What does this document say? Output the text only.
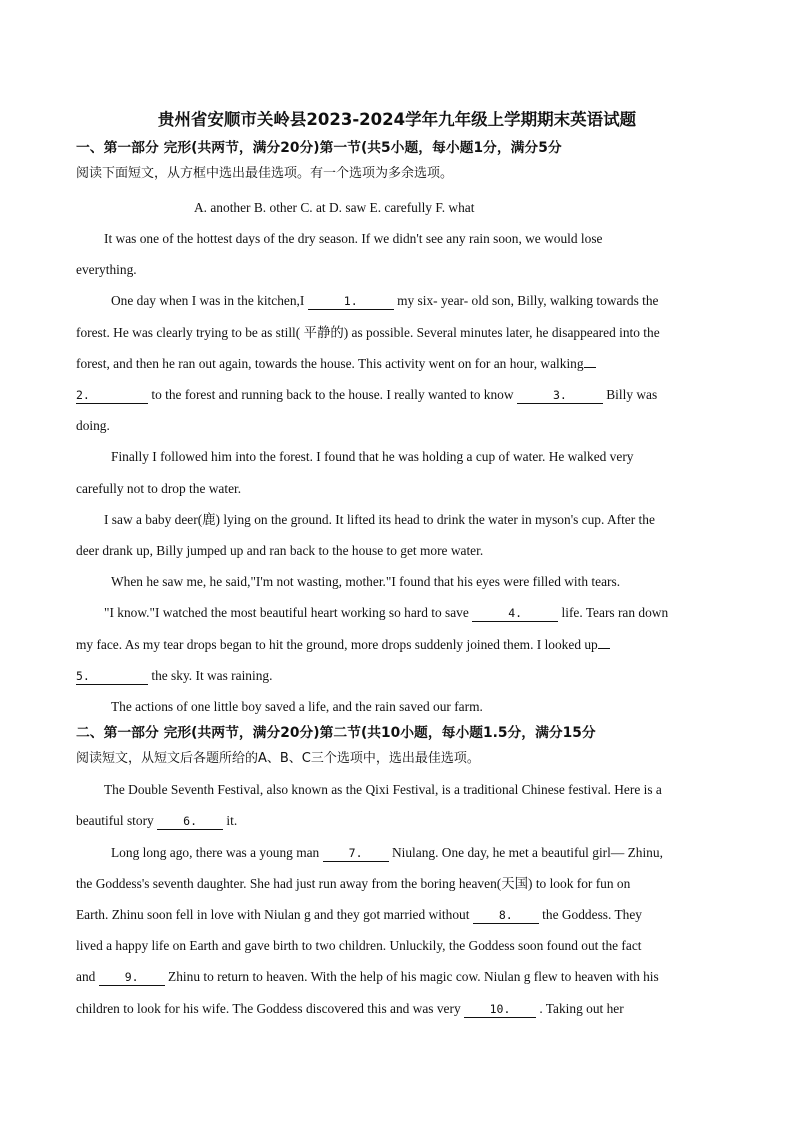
贵州省安顺市关岭县2023-2024学年九年级上学期期末英语试题
一、第一部分 完形(共两节，满分20分)第一节(共5小题，每小题1分，满分5分
阅读下面短文，从方框中选出最佳选项。有一个选项为多余选项。
A. another B. other C. at D. saw E. carefully F. what
It was one of the hottest days of the dry season. If we didn't see any rain soon, we would lose
everything.
One day when I was in the kitchen,I	1.	my six- year- old son, Billy, walking towards the
forest. He was clearly trying to be as still( 平静的) as possible. Several minutes later, he disappeared into the
forest, and then he ran out again, towards the house. This activity went on for an hour, walking
2.	to the forest and running back to the house. I really wanted to know	3.	Billy was
doing.
Finally I followed him into the forest. I found that he was holding a cup of water. He walked very
carefully not to drop the water.
I saw a baby deer(鹿) lying on the ground. It lifted its head to drink the water in myson's cup. After the
deer drank up, Billy jumped up and ran back to the house to get more water.
When he saw me, he said,"I'm not wasting, mother."I found that his eyes were filled with tears.
"I know."I watched the most beautiful heart working so hard to save	4.	life. Tears ran down
my face. As my tear drops began to hit the ground, more drops suddenly joined them. I looked up
5.	the sky. It was raining.
The actions of one little boy saved a life, and the rain saved our farm.
二、第一部分 完形(共两节，满分20分)第二节(共10小题，每小题1.5分，满分15分
阅读短文，从短文后各题所给的A、B、C三个选项中，选出最佳选项。
The Double Seventh Festival, also known as the Qixi Festival, is a traditional Chinese festival. Here is a
beautiful story 6. it.
Long long ago, there was a young man 7. Niulang. One day, he met a beautiful girl— Zhinu,
the Goddess's seventh daughter. She had just run away from the boring heaven(天国) to look for fun on
Earth. Zhinu soon fell in love with Niulan g and they got married without 8. the Goddess. They
lived a happy life on Earth and gave birth to two children. Unluckily, the Goddess soon found out the fact
and 9. Zhinu to return to heaven. With the help of his magic cow. Niulan g flew to heaven with his
children to look for his wife. The Goddess discovered this and was very 10. . Taking out her
